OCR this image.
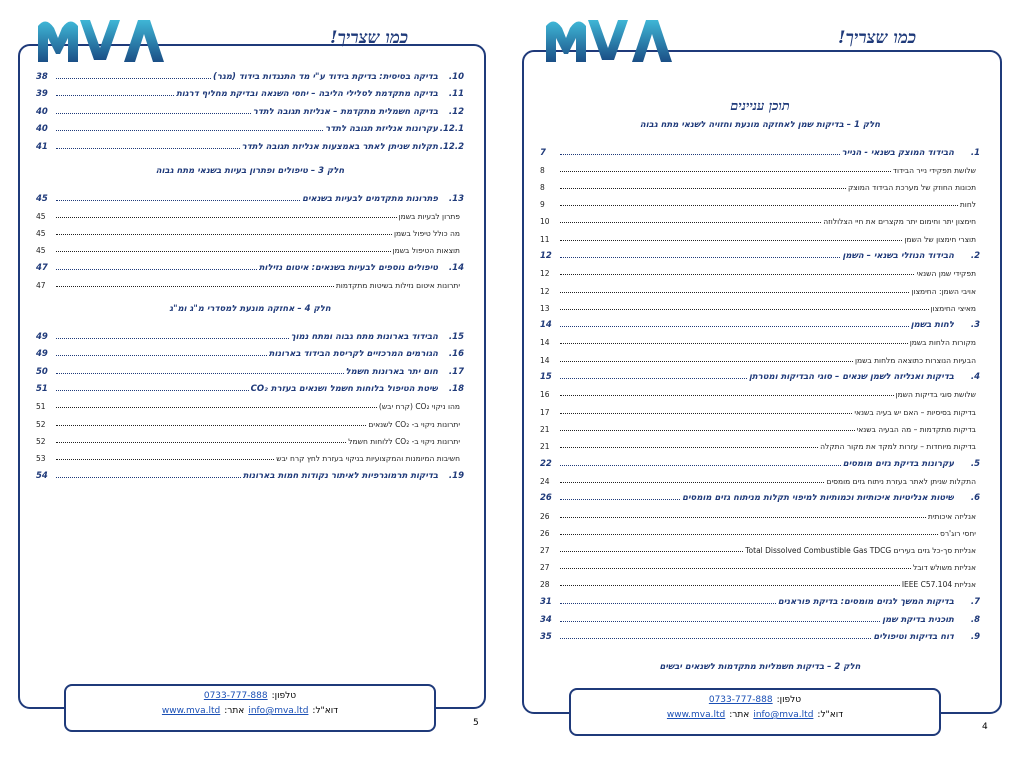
כמו שצריך!
10.
בדיקה בסיסית: בדיקת בידוד ע"י מד התנגדות בידוד (מגר)
38
11.
בדיקה מתקדמת לסלילי הליבה – יחסי השנאה ובדיקת מחליף דרגות
39
12.
בדיקה חשמלית מתקדמת – אנליזת תגובה לתדר
40
12.1.
עקרונות אנליזת תגובה לתדר
40
12.2.
תקלות שניתן לאתר באמצעות אנליזת תגובה לתדר
41
חלק 3 – טיפולים ופתרון בעיות בשנאי מתח גבוה
13.
פתרונות מתקדמים לבעיות בשנאים
45
פתרון לבעיות בשמן
45
מה כולל טיפול בשמן
45
תוצאות הטיפול בשמן
45
14.
טיפולים נוספים לבעיות בשנאים: איטום נזילות
47
יתרונות איטום נזילות בשיטות מתקדמות
47
חלק 4 – אחזקה מונעת למסדרי מ"ג ומ"ג
15.
הבידוד בארונות מתח גבוה ומתח נמוך
49
16.
הגורמים המרכזיים לקריסת הבידוד בארונות
49
17.
חום יתר בארונות חשמל
50
18.
שיטת הטיפול בלוחות חשמל ושנאים בעזרת CO₂
51
מהו ניקוי CO₂ (קרח יבש)
51
יתרונות ניקוי ב- CO₂ לשנאים
52
יתרונות ניקוי ב- CO₂ ללוחות חשמל
52
חשיבות המיומנות והמקצועיות בניקוי בעזרת לחץ קרח יבש
53
19.
בדיקות תרמוגרפיות לאיתור נקודות חמות בארונות
54
טלפון:
0733-777-888
דוא"ל:
info@mva.ltd
אתר:
www.mva.ltd
5
כמו שצריך!
תוכן עניינים
חלק 1 – בדיקות שמן לאחזקה מונעת וחזויה לשנאי מתח גבוה
1.
הבידוד המוצק בשנאי - הנייר
7
שלושת תפקידי נייר הבידוד
8
תכונות החוזק של מערכת הבידוד המוצק
8
לחות
9
חימצון יתר וחימום יתר מקצרים את חיי הצלולוזה
10
תוצרי חימצון של השמן
11
2.
הבידוד הנוזלי בשנאי – השמן
12
תפקידי שמן השנאי
12
אויבי השמן: החימצון
12
מאיצי החימצון
13
3.
לחות בשמן
14
מקורות הלחות בשמן
14
הבעיות הנוצרות כתוצאה מלחות בשמן
14
4.
בדיקות ואנליזה לשמן שנאים – סוגי הבדיקות ומטרתן
15
שלושת סוגי בדיקות השמן
16
בדיקות בסיסיות – האם יש בעיה בשנאי
17
בדיקות מתקדמות – מה הבעיה בשנאי
21
בדיקות מיוחדות – עזרות למקד את מקור התקלה
21
5.
עקרונות בדיקת גזים מומסים
22
התקלות שניתן לאתר בעזרת ניתוח גזים מומסים
24
6.
שיטות אנליטיות איכותיות וכמותיות למיפוי תקלות מניתוח גזים מומסים
26
אנליזה איכותית
26
יחסי רוג'רס
26
אנליזת סך-כל גזים בעירים Total Dissolved Combustible Gas TDCG
27
אנליזת משולש דובל
27
אנליזת IEEE C57.104
28
7.
בדיקות המשך לגזים מומסים: בדיקת פוראנים
31
8.
תוכנית בדיקת שמן
34
9.
דוח בדיקות וטיפולים
35
חלק 2 – בדיקות חשמליות מתקדמות לשנאים יבשים
טלפון:
0733-777-888
דוא"ל:
info@mva.ltd
אתר:
www.mva.ltd
4
